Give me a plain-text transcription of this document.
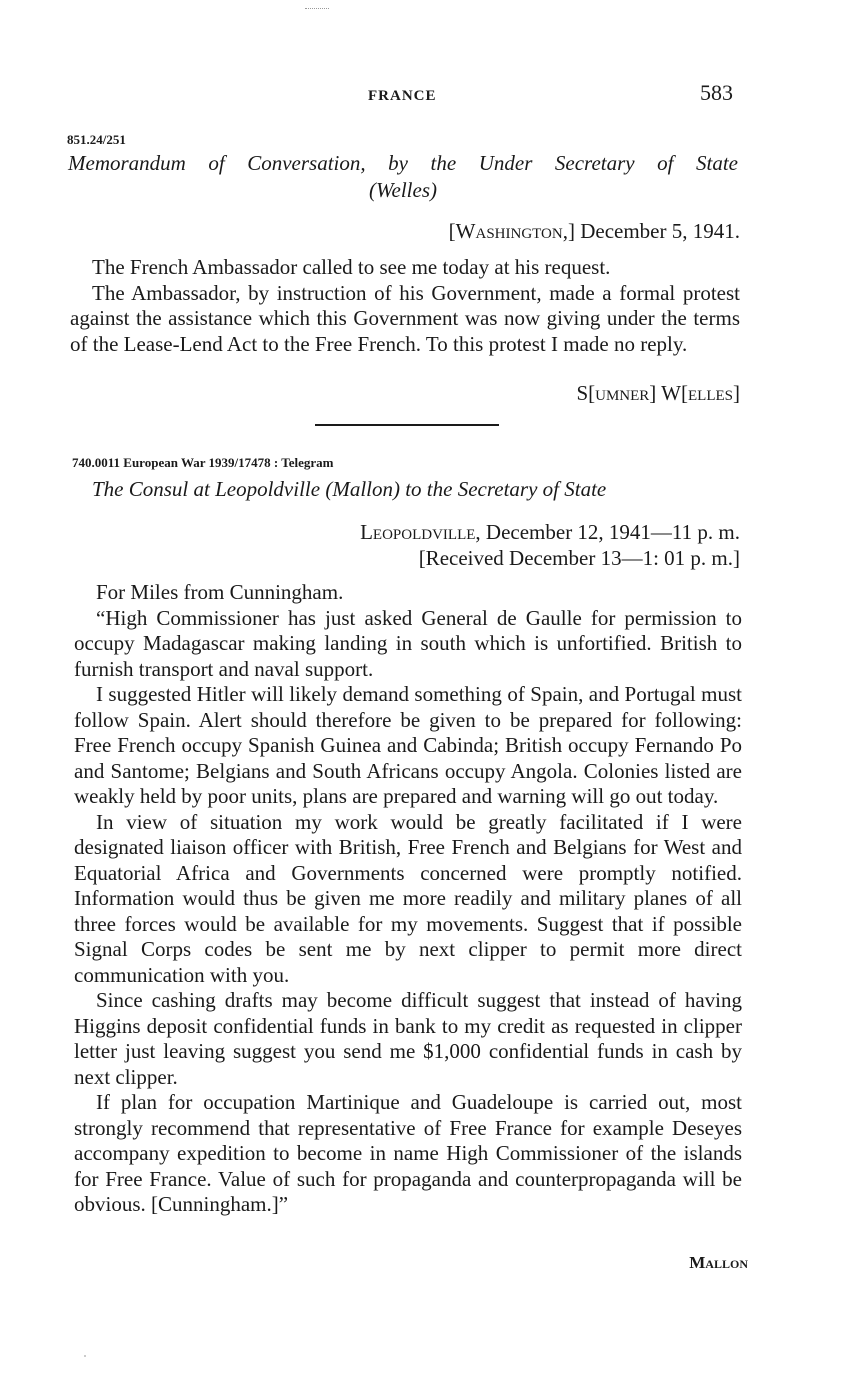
FRANCE	583
851.24/251
Memorandum of Conversation, by the Under Secretary of State
(Welles)
[Washington,] December 5, 1941.

The French Ambassador called to see me today at his request.

The Ambassador, by instruction of his Government, made a formal protest against the assistance which this Government was now giving under the terms of the Lease-Lend Act to the Free French. To this protest I made no reply.

S[umner] W[elles]
740.0011 European War 1939/17478 : Telegram
The Consul at Leopoldville (Mallon) to the Secretary of State
Leopoldville, December 12, 1941—11 p. m.
[Received December 13—1: 01 p. m.]

For Miles from Cunningham.

“High Commissioner has just asked General de Gaulle for permission to occupy Madagascar making landing in south which is unfortified. British to furnish transport and naval support.

I suggested Hitler will likely demand something of Spain, and Portugal must follow Spain. Alert should therefore be given to be prepared for following: Free French occupy Spanish Guinea and Cabinda; British occupy Fernando Po and Santome; Belgians and South Africans occupy Angola. Colonies listed are weakly held by poor units, plans are prepared and warning will go out today.

In view of situation my work would be greatly facilitated if I were designated liaison officer with British, Free French and Belgians for West and Equatorial Africa and Governments concerned were promptly notified. Information would thus be given me more readily and military planes of all three forces would be available for my movements. Suggest that if possible Signal Corps codes be sent me by next clipper to permit more direct communication with you.

Since cashing drafts may become difficult suggest that instead of having Higgins deposit confidential funds in bank to my credit as requested in clipper letter just leaving suggest you send me $1,000 confidential funds in cash by next clipper.

If plan for occupation Martinique and Guadeloupe is carried out, most strongly recommend that representative of Free France for example Deseyes accompany expedition to become in name High Commissioner of the islands for Free France. Value of such for propaganda and counterpropaganda will be obvious. [Cunningham.]”

Mallon
